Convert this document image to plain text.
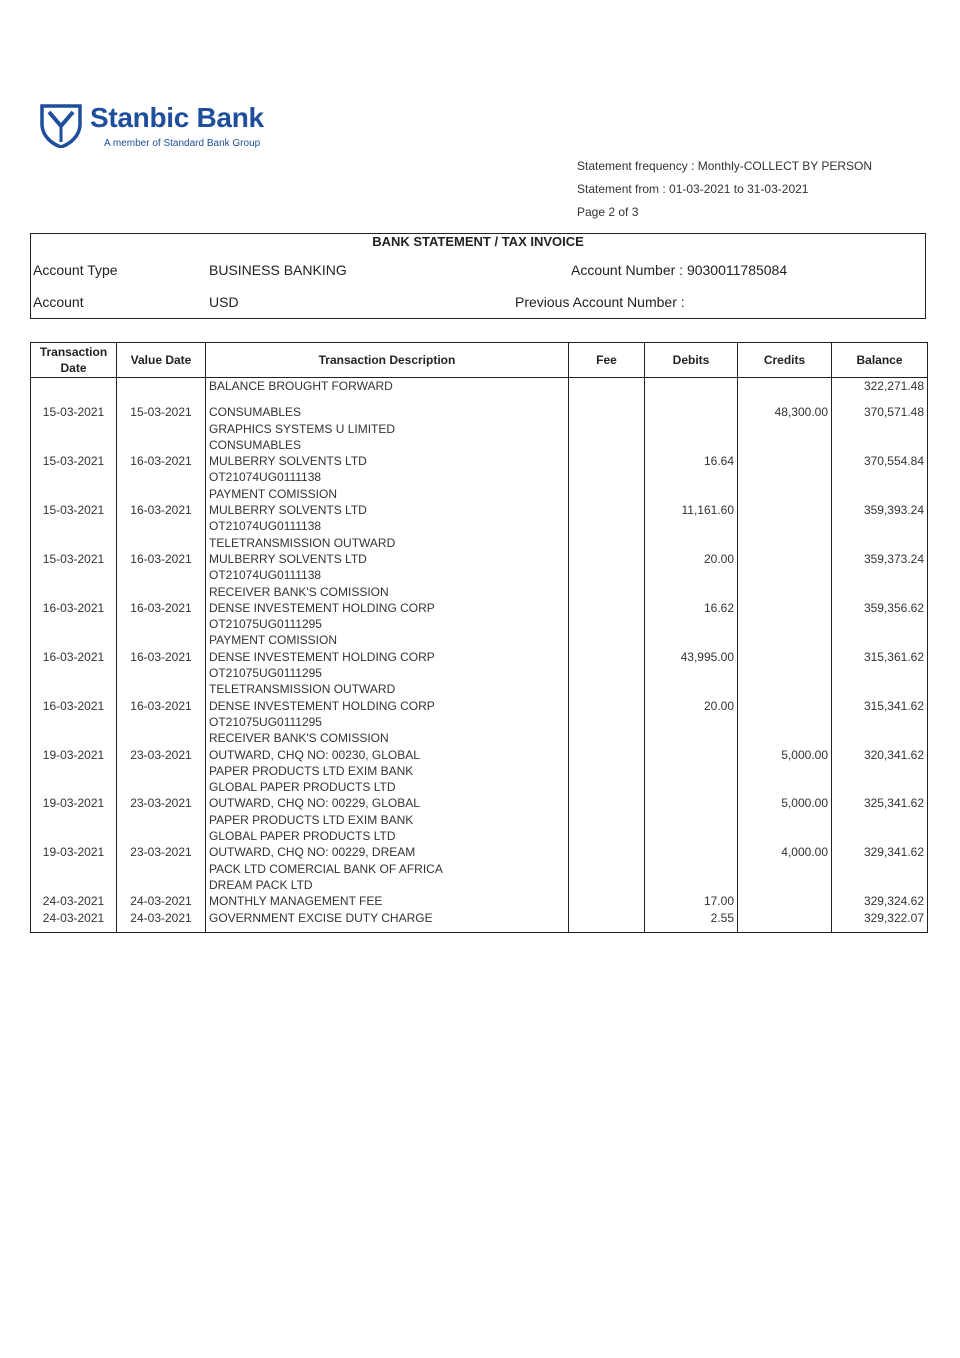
Stanbic Bank
A member of Standard Bank Group
Statement frequency : Monthly-COLLECT BY PERSON
Statement from : 01-03-2021 to 31-03-2021
Page 2 of 3
BANK STATEMENT / TAX INVOICE
Account Type	BUSINESS BANKING	Account Number : 9030011785084
Account	USD	Previous Account Number :
Transaction
Date	Value Date	Transaction Description	Fee	Debits	Credits	Balance

		BALANCE BROUGHT FORWARD				322,271.48

15-03-2021	15-03-2021	CONSUMABLES
GRAPHICS SYSTEMS U LIMITED			48,300.00	370,571.48

15-03-2021	16-03-2021	CONSUMABLES
MULBERRY SOLVENTS LTD
OT21074UG0111138		16.64		370,554.84

15-03-2021	16-03-2021	PAYMENT COMISSION
MULBERRY SOLVENTS LTD
OT21074UG0111138		11,161.60		359,393.24

15-03-2021	16-03-2021	TELETRANSMISSION OUTWARD
MULBERRY SOLVENTS LTD
OT21074UG0111138		20.00		359,373.24

16-03-2021	16-03-2021	RECEIVER BANK'S COMISSION
DENSE INVESTEMENT HOLDING CORP
OT21075UG0111295		16.62		359,356.62

16-03-2021	16-03-2021	PAYMENT COMISSION
DENSE INVESTEMENT HOLDING CORP
OT21075UG0111295		43,995.00		315,361.62

16-03-2021	16-03-2021	TELETRANSMISSION OUTWARD
DENSE INVESTEMENT HOLDING CORP
OT21075UG0111295		20.00		315,341.62

19-03-2021	23-03-2021	RECEIVER BANK'S COMISSION
OUTWARD, CHQ NO: 00230, GLOBAL
PAPER PRODUCTS LTD EXIM BANK
GLOBAL PAPER PRODUCTS LTD			5,000.00	320,341.62

19-03-2021	23-03-2021	OUTWARD, CHQ NO: 00229, GLOBAL
PAPER PRODUCTS LTD EXIM BANK
GLOBAL PAPER PRODUCTS LTD			5,000.00	325,341.62

19-03-2021	23-03-2021	OUTWARD, CHQ NO: 00229, DREAM
PACK LTD COMERCIAL BANK OF AFRICA
DREAM PACK LTD			4,000.00	329,341.62

24-03-2021	24-03-2021	MONTHLY MANAGEMENT FEE		17.00		329,324.62

24-03-2021	24-03-2021	GOVERNMENT EXCISE DUTY CHARGE		2.55		329,322.07
